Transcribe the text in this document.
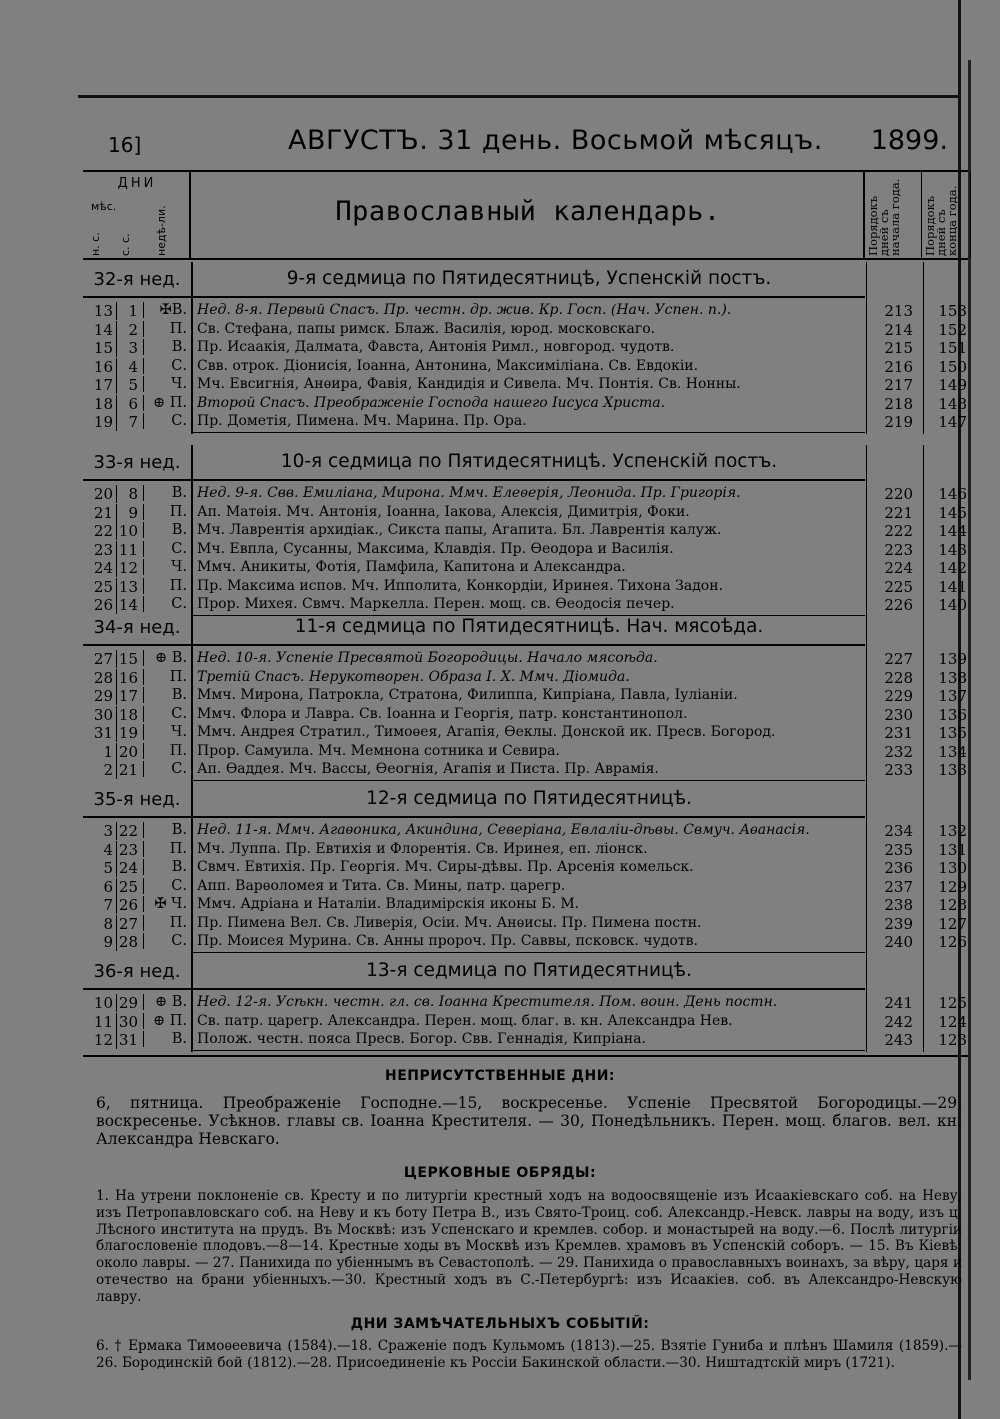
16]	АВГУСТЪ. 31 день. Восьмой мѣсяцъ. 1899.
ДНИ
мѣс.
н. с. с. с. недѣ-ли.	Православный календарь.	Порядокъ дней съ начала года.	Порядокъ дней съ конца года.
32-я нед.	9-я седмица по Пятидесятницѣ, Успенскій постъ.
13	1	✠В. Нед. 8-я. Первый Спасъ. Пр. честн. др. жив. Кр. Госп. (Нач. Успен. п.).	213	153
14	2	П. Св. Стефана, папы римск. Блаж. Василія, юрод. московскаго.	214	152
15	3	В. Пр. Исаакія, Далмата, Фавста, Антонія Римл., новгород. чудотв.	215	151
16	4	С. Свв. отрок. Діонисія, Іоанна, Антонина, Максиміліана. Св. Евдокіи.	216	150
17	5	Ч. Мч. Евсигнія, Анѳира, Фавія, Кандидія и Сивела. Мч. Понтія. Св. Нонны.	217	149
18	6	⊕ П. Второй Спасъ. Преображеніе Господа нашего Іисуса Христа.	218	148
19	7	С. Пр. Дометія, Пимена. Мч. Марина. Пр. Ора.	219	147
33-я нед.	10-я седмица по Пятидесятницѣ. Успенскій постъ.
20	8	В. Нед. 9-я. Свв. Емиліана, Мирона. Ммч. Елеѳерія, Леонида. Пр. Григорія.	220	146
21	9	П. Ап. Матѳія. Мч. Антонія, Іоанна, Іакова, Алексія, Димитрія, Фоки.	221	145
22 10	В. Мч. Лаврентія архидіак., Сикста папы, Агапита. Бл. Лаврентія калуж.	222	144
23 11	С. Мч. Евпла, Сусанны, Максима, Клавдія. Пр. Ѳеодора и Василія.	223	143
24 12	Ч. Ммч. Аникиты, Фотія, Памфила, Капитона и Александра.	224	142
25 13	П. Пр. Максима испов. Мч. Ипполита, Конкордіи, Иринея. Тихона Задон.	225	141
26 14	С. Прор. Михея. Свмч. Маркелла. Перен. мощ. св. Ѳеодосія печер.	226	140
34-я нед.	11-я седмица по Пятидесятницѣ. Нач. мясоѣда.
27 15	⊕ В. Нед. 10-я. Успеніе Пресвятой Богородицы. Начало мясоѣда.	227	139
28 16	П. Третій Спасъ. Нерукотворен. Образа І. Х. Ммч. Діомида.	228	138
29 17	В. Ммч. Мирона, Патрокла, Стратона, Филиппа, Кипріана, Павла, Іуліаніи.	229	137
30 18	С. Ммч. Флора и Лавра. Св. Іоанна и Георгія, патр. константинопол.	230	136
31 19	Ч. Ммч. Андрея Стратил., Тимоѳея, Агапія, Ѳеклы. Донской ик. Пресв. Богород.	231	135
1 20	П. Прор. Самуила. Мч. Мемнона сотника и Севира.	232	134
2 21	С. Ап. Ѳаддея. Мч. Вассы, Ѳеогнія, Агапія и Писта. Пр. Аврамія.	233	133
35-я нед.	12-я седмица по Пятидесятницѣ.
3 22	В. Нед. 11-я. Ммч. Агаѳоника, Акиндина, Северіана, Евлаліи-дѣвы. Свмуч. Аѳанасія.	234	132
4 23	П. Мч. Луппа. Пр. Евтихія и Флорентія. Св. Иринея, еп. ліонск.	235	131
5 24	В. Свмч. Евтихія. Пр. Георгія. Мч. Сиры-дѣвы. Пр. Арсенія комельск.	236	130
6 25	С. Апп. Варѳоломея и Тита. Св. Мины, патр. царегр.	237	129
7 26	✠ Ч. Ммч. Адріана и Наталіи. Владимірскія иконы Б. М.	238	128
8 27	П. Пр. Пимена Вел. Св. Ливерія, Осіи. Мч. Анѳисы. Пр. Пимена постн.	239	127
9 28	С. Пр. Моисея Мурина. Св. Анны пророч. Пр. Саввы, псковск. чудотв.	240	126
36-я нед.	13-я седмица по Пятидесятницѣ.
10 29	⊕ В. Нед. 12-я. Усѣкн. честн. гл. св. Іоанна Крестителя. Пом. воин. День постн.	241	125
11 30	⊕ П. Св. патр. царегр. Александра. Перен. мощ. благ. в. кн. Александра Нев.	242	124
12 31	В. Полож. честн. пояса Пресв. Богор. Свв. Геннадія, Кипріана.	243	123
НЕПРИСУТСТВЕННЫЕ ДНИ:
6, пятница. Преображеніе Господне.—15, воскресенье. Успеніе Пресвятой Богородицы.—29, воскресенье. Усѣкнов. главы св. Іоанна Крестителя. — 30, Понедѣльникъ. Перен. мощ. благов. вел. кн. Александра Невскаго.
ЦЕРКОВНЫЕ ОБРЯДЫ:
1. На утрени поклоненіе св. Кресту и по литургіи крестный ходъ на водоосвященіе изъ Исаакіевскаго соб. на Неву, изъ Петропавловскаго соб. на Неву и къ боту Петра В., изъ Свято-Троиц. соб. Александр.-Невск. лавры на воду, изъ ц. Лѣсного института на прудъ. Въ Москвѣ: изъ Успенскаго и кремлев. собор. и монастырей на воду.—6. Послѣ литургіи благословеніе плодовъ.—8—14. Крестные ходы въ Москвѣ изъ Кремлев. храмовъ въ Успенскій соборъ. — 15. Въ Кіевѣ: около лавры. — 27. Панихида по убіеннымъ въ Севастополѣ. — 29. Панихида о православныхъ воинахъ, за вѣру, царя и отечество на брани убіенныхъ.—30. Крестный ходъ въ С.-Петербургѣ: изъ Исаакіев. соб. въ Александро-Невскую лавру.
ДНИ ЗАМѢЧАТЕЛЬНЫХЪ СОБЫТІЙ:
6. † Ермака Тимоѳеевича (1584).—18. Сраженіе подъ Кульмомъ (1813).—25. Взятіе Гуниба и плѣнъ Шамиля (1859).—26. Бородинскій бой (1812).—28. Присоединеніе къ Россіи Бакинской области.—30. Ништадтскій миръ (1721).
